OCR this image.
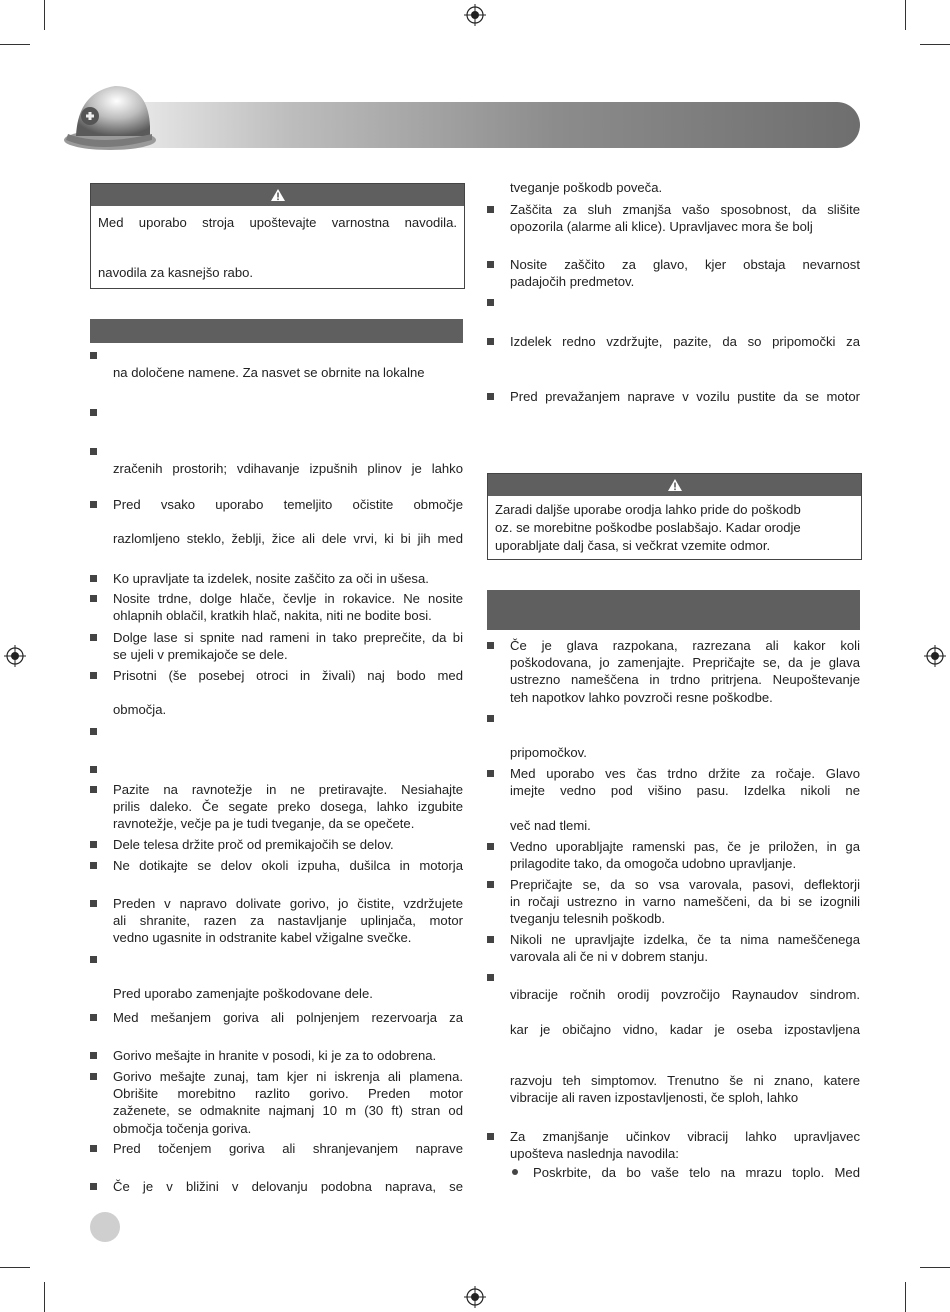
Med uporabo stroja upoštevajte varnostna navodila.
navodila za kasnejšo rabo.
na določene namene. Za nasvet se obrnite na lokalne
zračenih prostorih; vdihavanje izpušnih plinov je lahko
Pred vsako uporabo temeljito očistite območje
razlomljeno steklo, žeblji, žice ali dele vrvi, ki bi jih med
Ko upravljate ta izdelek, nosite zaščito za oči in ušesa.
Nosite trdne, dolge hlače, čevlje in rokavice. Ne nosite
ohlapnih oblačil, kratkih hlač, nakita, niti ne bodite bosi.
Dolge lase si spnite nad rameni in tako preprečite, da bi
se ujeli v premikajoče se dele.
Prisotni (še posebej otroci in živali) naj bodo med
območja.
Pazite na ravnotežje in ne pretiravajte. Nesiahajte
prilis daleko. Če segate preko dosega, lahko izgubite
ravnotežje, večje pa je tudi tveganje, da se opečete.
Dele telesa držite proč od premikajočih se delov.
Ne dotikajte se delov okoli izpuha, dušilca in motorja
Preden v napravo dolivate gorivo, jo čistite, vzdržujete
ali shranite, razen za nastavljanje uplinjača, motor
vedno ugasnite in odstranite kabel vžigalne svečke.
Pred uporabo zamenjajte poškodovane dele.
Med mešanjem goriva ali polnjenjem rezervoarja za
Gorivo mešajte in hranite v posodi, ki je za to odobrena.
Gorivo mešajte zunaj, tam kjer ni iskrenja ali plamena.
Obrišite morebitno razlito gorivo. Preden motor
zaženete, se odmaknite najmanj 10 m (30 ft) stran od
območja točenja goriva.
Pred točenjem goriva ali shranjevanjem naprave
Če je v bližini v delovanju podobna naprava, se
tveganje poškodb poveča.
Zaščita za sluh zmanjša vašo sposobnost, da slišite
opozorila (alarme ali klice). Upravljavec mora še bolj
Nosite zaščito za glavo, kjer obstaja nevarnost
padajočih predmetov.
Izdelek redno vzdržujte, pazite, da so pripomočki za
Pred prevažanjem naprave v vozilu pustite da se motor
Če je glava razpokana, razrezana ali kakor koli
poškodovana, jo zamenjajte. Prepričajte se, da je glava
ustrezno nameščena in trdno pritrjena. Neupoštevanje
teh napotkov lahko povzroči resne poškodbe.
pripomočkov.
Med uporabo ves čas trdno držite za ročaje. Glavo
imejte vedno pod višino pasu. Izdelka nikoli ne
več nad tlemi.
Vedno uporabljajte ramenski pas, če je priložen, in ga
prilagodite tako, da omogoča udobno upravljanje.
Prepričajte se, da so vsa varovala, pasovi, deflektorji
in ročaji ustrezno in varno nameščeni, da bi se izognili
tveganju telesnih poškodb.
Nikoli ne upravljajte izdelka, če ta nima nameščenega
varovala ali če ni v dobrem stanju.
vibracije ročnih orodij povzročijo Raynaudov sindrom.
kar je običajno vidno, kadar je oseba izpostavljena
razvoju teh simptomov. Trenutno še ni znano, katere
vibracije ali raven izpostavljenosti, če sploh, lahko
Za zmanjšanje učinkov vibracij lahko upravljavec
upošteva naslednja navodila:
Poskrbite, da bo vaše telo na mrazu toplo. Med
Zaradi daljše uporabe orodja lahko pride do poškodb
oz. se morebitne poškodbe poslabšajo. Kadar orodje
uporabljate dalj časa, si večkrat vzemite odmor.
